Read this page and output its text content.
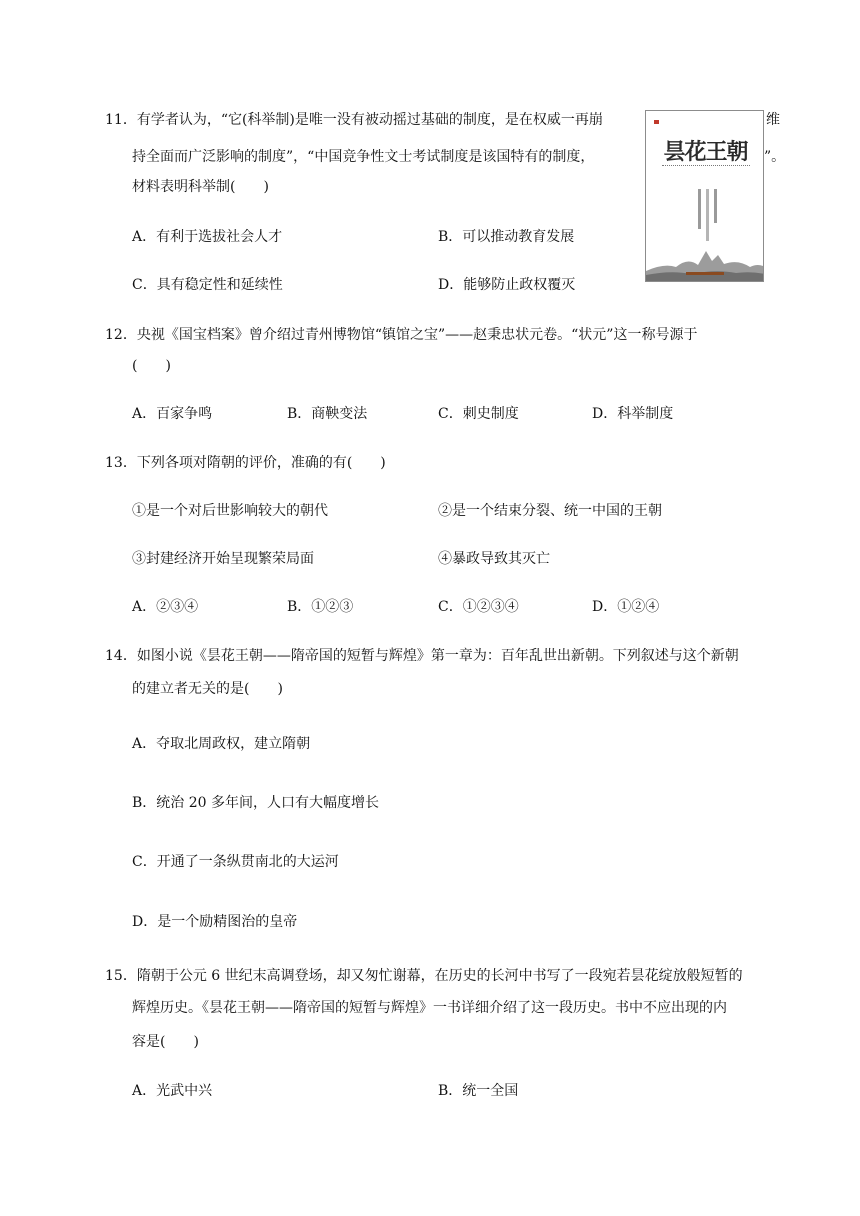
11．有学者认为，“它(科举制)是唯一没有被动摇过基础的制度，是在权威一再崩	维
持全面而广泛影响的制度”，“中国竞争性文士考试制度是该国特有的制度，	”。
材料表明科举制(　　)
A．有利于选拔社会人才	B．可以推动教育发展
C．具有稳定性和延续性	D．能够防止政权覆灭
昙花王朝
12．央视《国宝档案》曾介绍过青州博物馆“镇馆之宝”——赵秉忠状元卷。“状元”这一称号源于
(　　)
A．百家争鸣	B．商鞅变法	C．刺史制度	D．科举制度
13．下列各项对隋朝的评价，准确的有(　　)
①是一个对后世影响较大的朝代	②是一个结束分裂、统一中国的王朝
③封建经济开始呈现繁荣局面	④暴政导致其灭亡
A．②③④	B．①②③	C．①②③④	D．①②④
14．如图小说《昙花王朝——隋帝国的短暂与辉煌》第一章为：百年乱世出新朝。下列叙述与这个新朝
的建立者无关的是(　　)
A．夺取北周政权，建立隋朝
B．统治 20 多年间，人口有大幅度增长
C．开通了一条纵贯南北的大运河
D．是一个励精图治的皇帝
15．隋朝于公元 6 世纪末高调登场，却又匆忙谢幕，在历史的长河中书写了一段宛若昙花绽放般短暂的
辉煌历史。《昙花王朝——隋帝国的短暂与辉煌》一书详细介绍了这一段历史。书中不应出现的内
容是(　　)
A．光武中兴	B．统一全国
